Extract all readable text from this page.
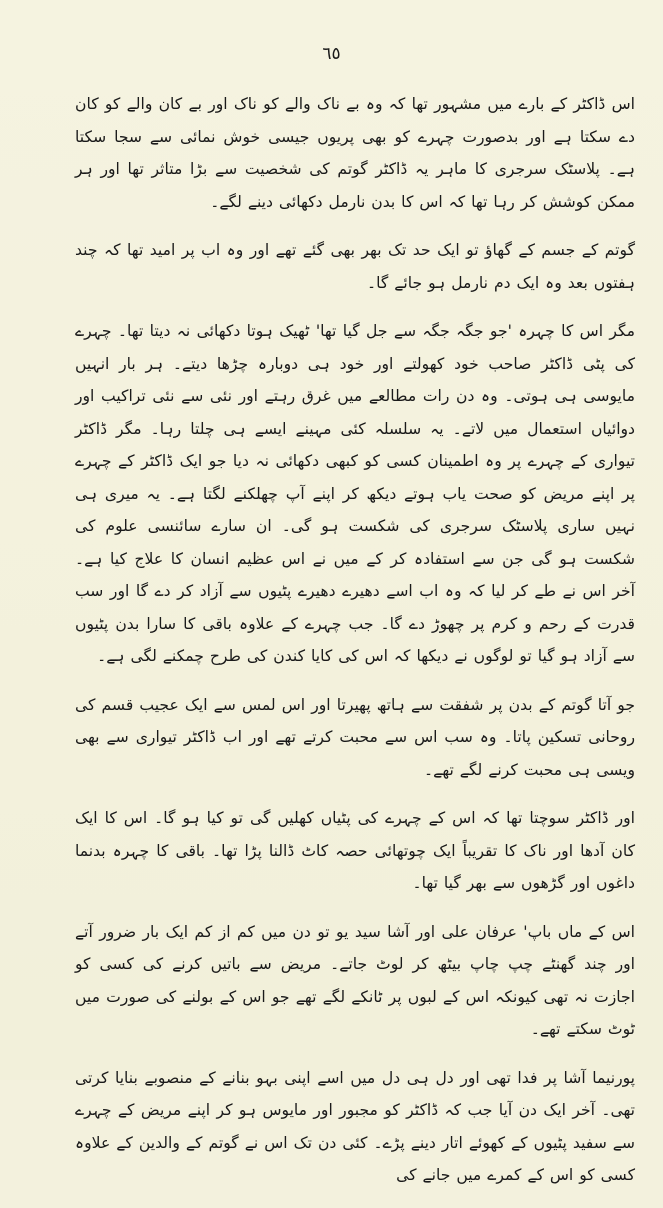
٦٥

اس ڈاکٹر کے بارے میں مشہور تھا کہ وہ بے ناک والے کو ناک اور بے کان والے کو کان دے سکتا ہے اور بدصورت چہرے کو بھی پریوں جیسی خوش نمائی سے سجا سکتا ہے۔ پلاسٹک سرجری کا ماہر یہ ڈاکٹر گوتم کی شخصیت سے بڑا متاثر تھا اور ہر ممکن کوشش کر رہا تھا کہ اس کا بدن نارمل دکھائی دینے لگے۔

گوتم کے جسم کے گھاؤ تو ایک حد تک بھر بھی گئے تھے اور وہ اب پر امید تھا کہ چند ہفتوں بعد وہ ایک دم نارمل ہو جائے گا۔

مگر اس کا چہرہ 'جو جگہ جگہ سے جل گیا تھا' ٹھیک ہوتا دکھائی نہ دیتا تھا۔ چہرے کی پٹی ڈاکٹر صاحب خود کھولتے اور خود ہی دوبارہ چڑھا دیتے۔ ہر بار انہیں مایوسی ہی ہوتی۔ وہ دن رات مطالعے میں غرق رہتے اور نئی سے نئی تراکیب اور دوائیاں استعمال میں لاتے۔ یہ سلسلہ کئی مہینے ایسے ہی چلتا رہا۔ مگر ڈاکٹر تیواری کے چہرے پر وہ اطمینان کسی کو کبھی دکھائی نہ دیا جو ایک ڈاکٹر کے چہرے پر اپنے مریض کو صحت یاب ہوتے دیکھ کر اپنے آپ چھلکنے لگتا ہے۔ یہ میری ہی نہیں ساری پلاسٹک سرجری کی شکست ہو گی۔ ان سارے سائنسی علوم کی شکست ہو گی جن سے استفادہ کر کے میں نے اس عظیم انسان کا علاج کیا ہے۔ آخر اس نے طے کر لیا کہ وہ اب اسے دھیرے دھیرے پٹیوں سے آزاد کر دے گا اور سب قدرت کے رحم و کرم پر چھوڑ دے گا۔ جب چہرے کے علاوہ باقی کا سارا بدن پٹیوں سے آزاد ہو گیا تو لوگوں نے دیکھا کہ اس کی کایا کندن کی طرح چمکنے لگی ہے۔

جو آتا گوتم کے بدن پر شفقت سے ہاتھ پھیرتا اور اس لمس سے ایک عجیب قسم کی روحانی تسکین پاتا۔ وہ سب اس سے محبت کرتے تھے اور اب ڈاکٹر تیواری سے بھی ویسی ہی محبت کرنے لگے تھے۔

اور ڈاکٹر سوچتا تھا کہ اس کے چہرے کی پٹیاں کھلیں گی تو کیا ہو گا۔ اس کا ایک کان آدھا اور ناک کا تقریباً ایک چوتھائی حصہ کاٹ ڈالنا پڑا تھا۔ باقی کا چہرہ بدنما داغوں اور گڑھوں سے بھر گیا تھا۔

اس کے ماں باپ' عرفان علی اور آشا سید یو تو دن میں کم از کم ایک بار ضرور آتے اور چند گھنٹے چپ چاپ بیٹھ کر لوٹ جاتے۔ مریض سے باتیں کرنے کی کسی کو اجازت نہ تھی کیونکہ اس کے لبوں پر ٹانکے لگے تھے جو اس کے بولنے کی صورت میں ٹوٹ سکتے تھے۔

پورنیما آشا پر فدا تھی اور دل ہی دل میں اسے اپنی بہو بنانے کے منصوبے بنایا کرتی تھی۔ آخر ایک دن آیا جب کہ ڈاکٹر کو مجبور اور مایوس ہو کر اپنے مریض کے چہرے سے سفید پٹیوں کے کھوئے اتار دینے پڑے۔ کئی دن تک اس نے گوتم کے والدین کے علاوہ کسی کو اس کے کمرے میں جانے کی
